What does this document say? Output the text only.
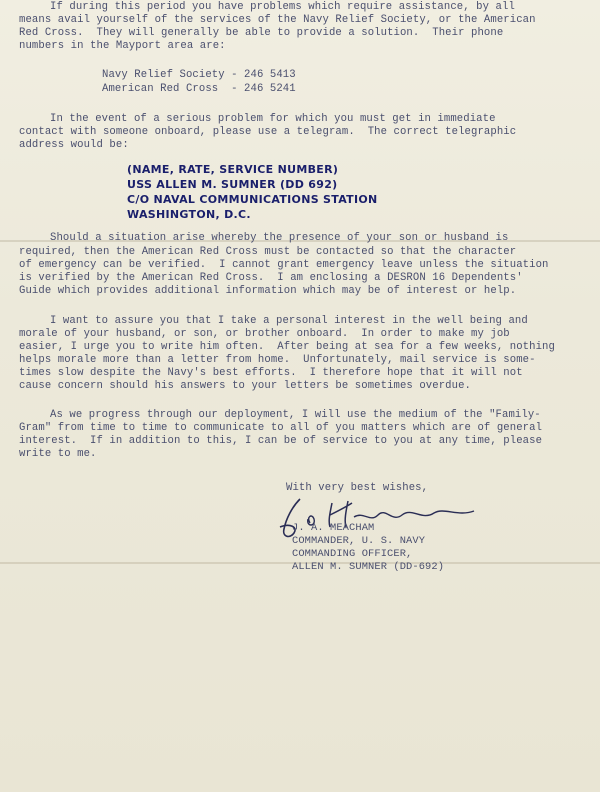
If during this period you have problems which require assistance, by all
means avail yourself of the services of the Navy Relief Society, or the American
Red Cross.  They will generally be able to provide a solution.  Their phone
numbers in the Mayport area are:
Navy Relief Society - 246 5413
American Red Cross  - 246 5241
In the event of a serious problem for which you must get in immediate
contact with someone onboard, please use a telegram.  The correct telegraphic
address would be:
(NAME, RATE, SERVICE NUMBER)
USS ALLEN M. SUMNER (DD 692)
C/O NAVAL COMMUNICATIONS STATION
WASHINGTON, D.C.
Should a situation arise whereby the presence of your son or husband is
required, then the American Red Cross must be contacted so that the character
of emergency can be verified.  I cannot grant emergency leave unless the situation
is verified by the American Red Cross.  I am enclosing a DESRON 16 Dependents'
Guide which provides additional information which may be of interest or help.
I want to assure you that I take a personal interest in the well being and
morale of your husband, or son, or brother onboard.  In order to make my job
easier, I urge you to write him often.  After being at sea for a few weeks, nothing
helps morale more than a letter from home.  Unfortunately, mail service is some-
times slow despite the Navy's best efforts.  I therefore hope that it will not
cause concern should his answers to your letters be sometimes overdue.
As we progress through our deployment, I will use the medium of the "Family-
Gram" from time to time to communicate to all of you matters which are of general
interest.  If in addition to this, I can be of service to you at any time, please
write to me.
With very best wishes,
J. A. MEACHAM
COMMANDER, U. S. NAVY
COMMANDING OFFICER,
ALLEN M. SUMNER (DD-692)
